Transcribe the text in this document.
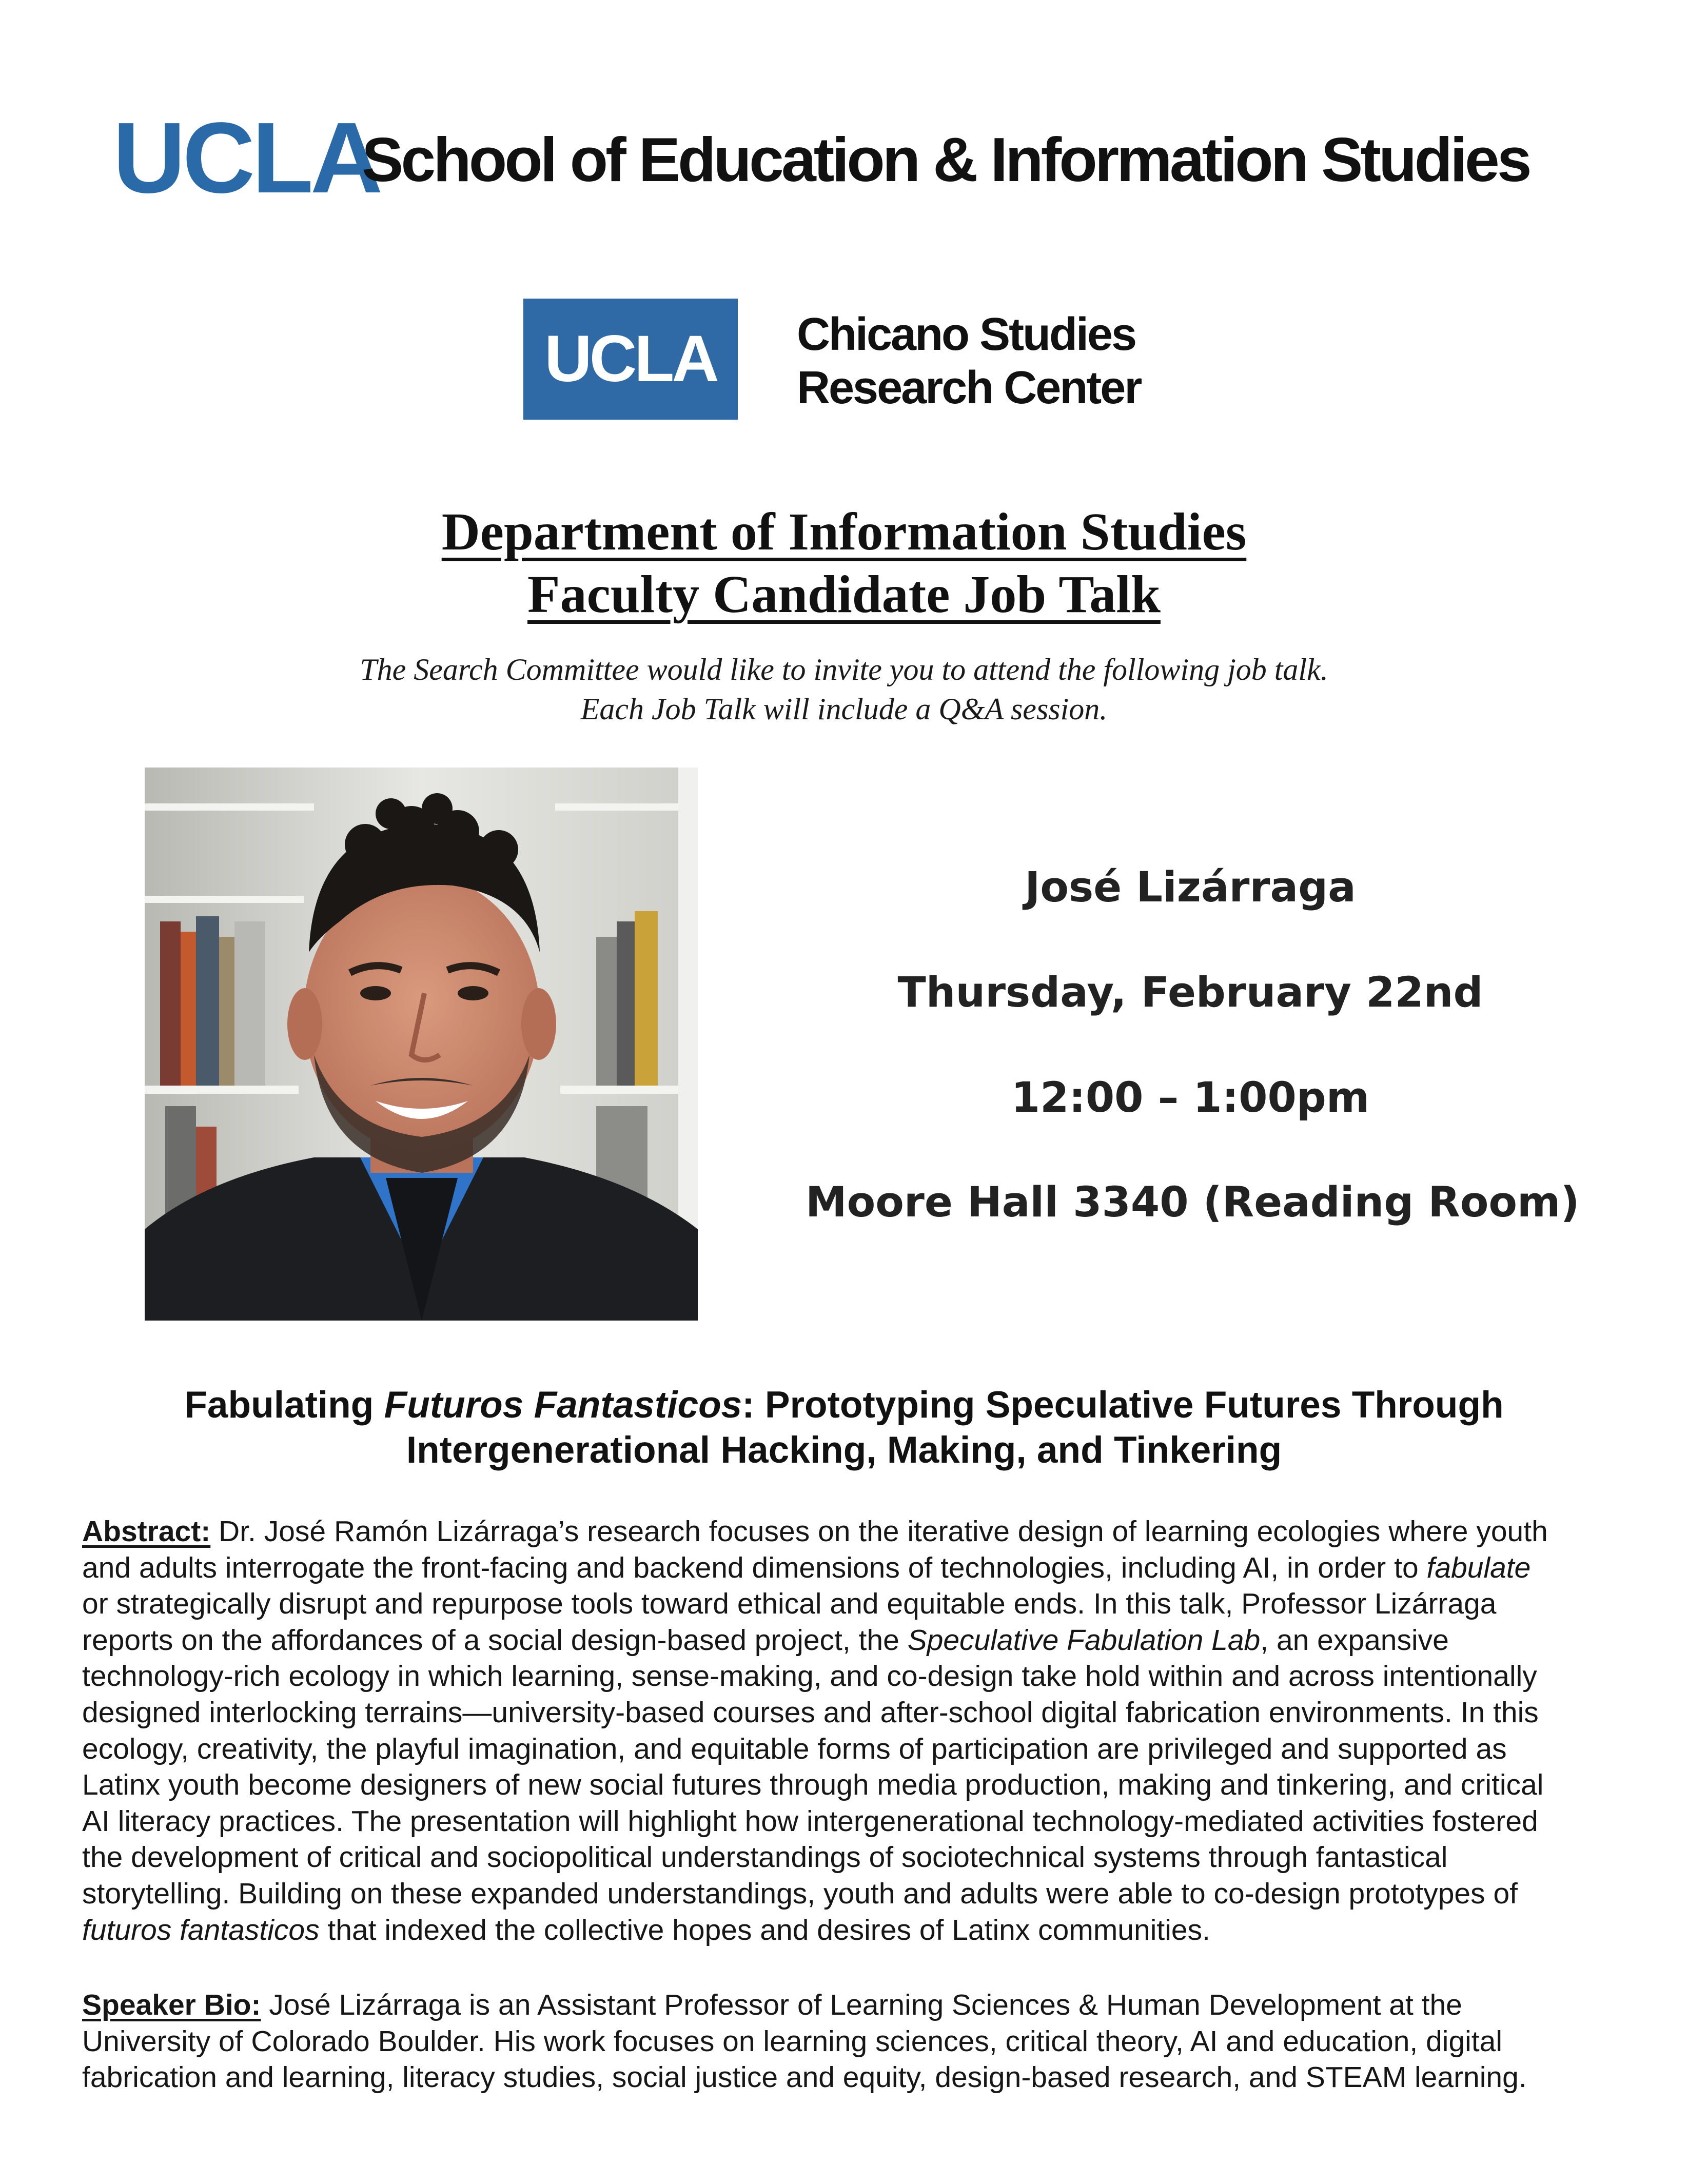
UCLA
School of Education & Information Studies
UCLA Chicano Studies
Research Center
Department of Information Studies
Faculty Candidate Job Talk
The Search Committee would like to invite you to attend the following job talk.
Each Job Talk will include a Q&A session.
José Lizárraga
Thursday, February 22nd
12:00 – 1:00pm
Moore Hall 3340 (Reading Room)
Fabulating Futuros Fantasticos: Prototyping Speculative Futures Through
Intergenerational Hacking, Making, and Tinkering
Abstract: Dr. José Ramón Lizárraga’s research focuses on the iterative design of learning ecologies where youth
and adults interrogate the front-facing and backend dimensions of technologies, including AI, in order to fabulate
or strategically disrupt and repurpose tools toward ethical and equitable ends. In this talk, Professor Lizárraga
reports on the affordances of a social design-based project, the Speculative Fabulation Lab, an expansive
technology-rich ecology in which learning, sense-making, and co-design take hold within and across intentionally
designed interlocking terrains—university-based courses and after-school digital fabrication environments. In this
ecology, creativity, the playful imagination, and equitable forms of participation are privileged and supported as
Latinx youth become designers of new social futures through media production, making and tinkering, and critical
AI literacy practices. The presentation will highlight how intergenerational technology-mediated activities fostered
the development of critical and sociopolitical understandings of sociotechnical systems through fantastical
storytelling. Building on these expanded understandings, youth and adults were able to co-design prototypes of
futuros fantasticos that indexed the collective hopes and desires of Latinx communities.
Speaker Bio: José Lizárraga is an Assistant Professor of Learning Sciences & Human Development at the
University of Colorado Boulder. His work focuses on learning sciences, critical theory, AI and education, digital
fabrication and learning, literacy studies, social justice and equity, design-based research, and STEAM learning.
